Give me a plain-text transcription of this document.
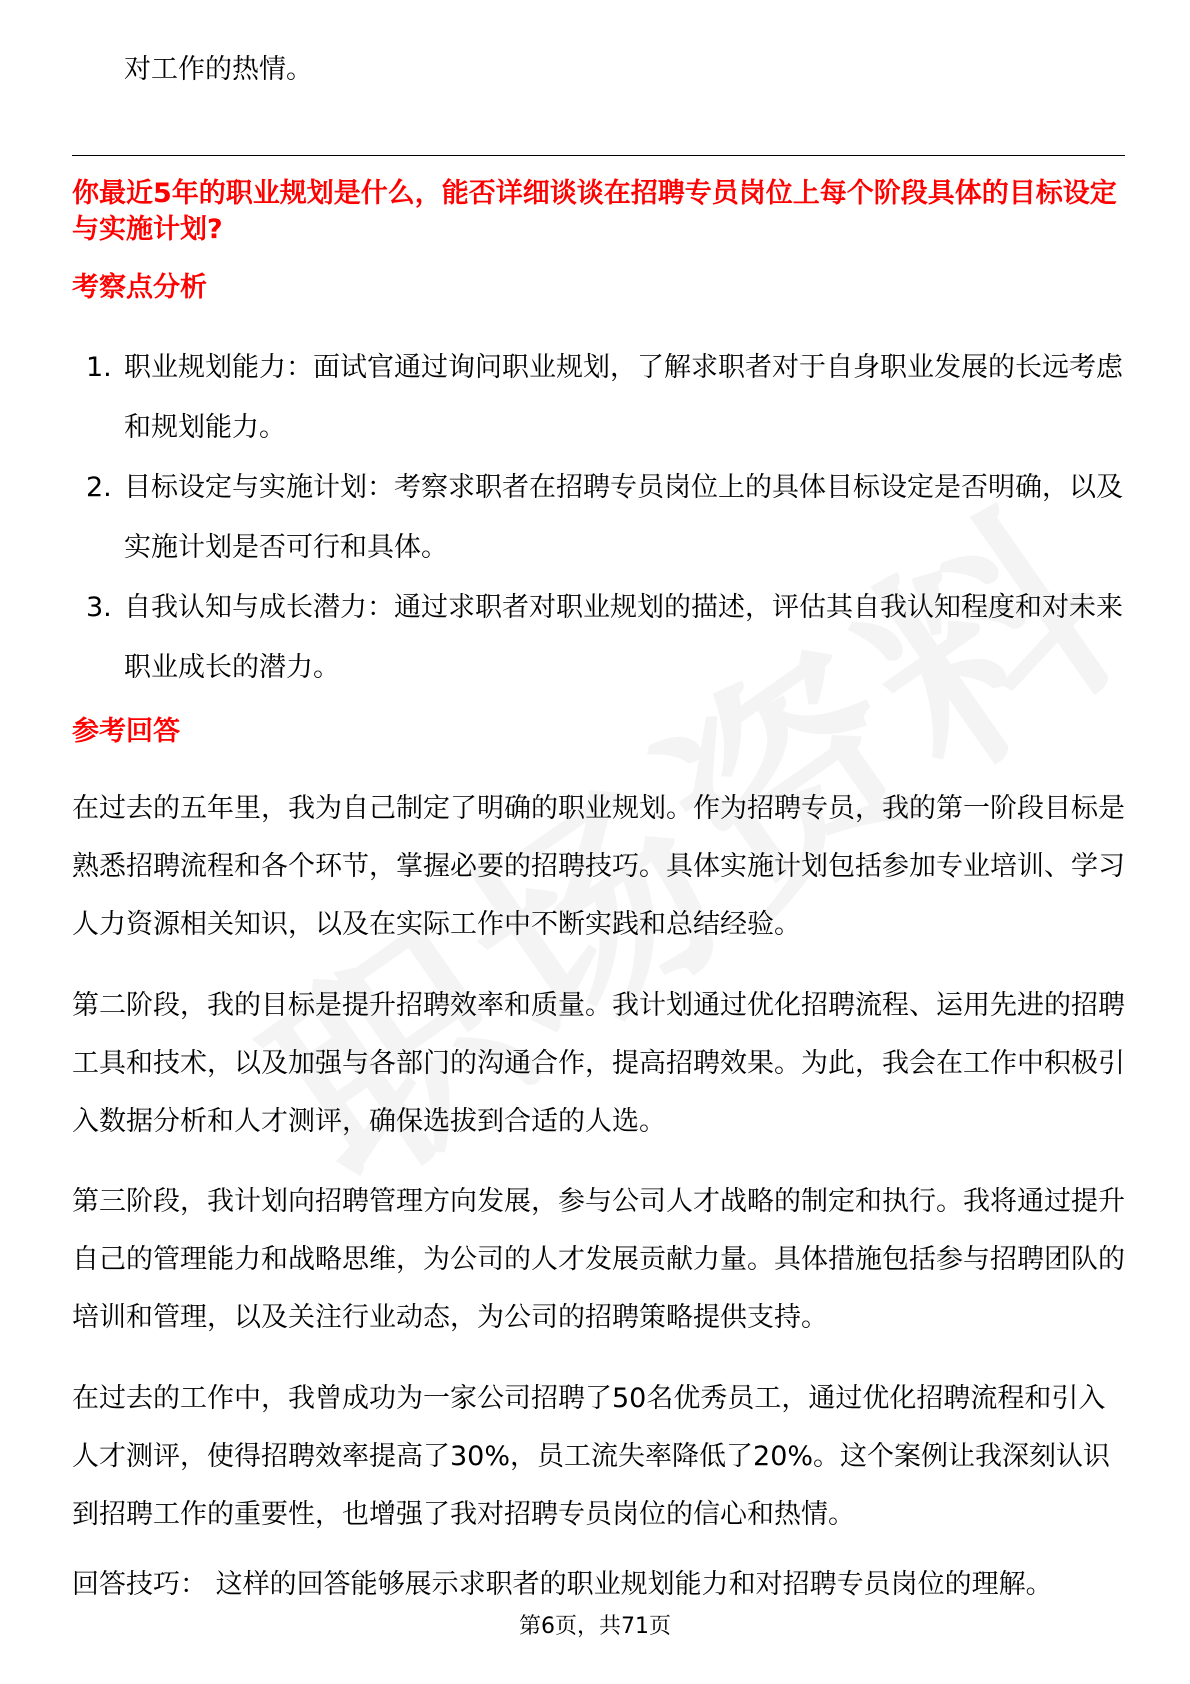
对工作的热情。
你最近5年的职业规划是什么，能否详细谈谈在招聘专员岗位上每个阶段具体的目标设定与实施计划?
考察点分析
1. 职业规划能力：面试官通过询问职业规划，了解求职者对于自身职业发展的长远考虑和规划能力。
2. 目标设定与实施计划：考察求职者在招聘专员岗位上的具体目标设定是否明确，以及实施计划是否可行和具体。
3. 自我认知与成长潜力：通过求职者对职业规划的描述，评估其自我认知程度和对未来职业成长的潜力。
参考回答
在过去的五年里，我为自己制定了明确的职业规划。作为招聘专员，我的第一阶段目标是熟悉招聘流程和各个环节，掌握必要的招聘技巧。具体实施计划包括参加专业培训、学习人力资源相关知识，以及在实际工作中不断实践和总结经验。
第二阶段，我的目标是提升招聘效率和质量。我计划通过优化招聘流程、运用先进的招聘工具和技术，以及加强与各部门的沟通合作，提高招聘效果。为此，我会在工作中积极引入数据分析和人才测评，确保选拔到合适的人选。
第三阶段，我计划向招聘管理方向发展，参与公司人才战略的制定和执行。我将通过提升自己的管理能力和战略思维，为公司的人才发展贡献力量。具体措施包括参与招聘团队的培训和管理，以及关注行业动态，为公司的招聘策略提供支持。
在过去的工作中，我曾成功为一家公司招聘了50名优秀员工，通过优化招聘流程和引入人才测评，使得招聘效率提高了30%，员工流失率降低了20%。这个案例让我深刻认识到招聘工作的重要性，也增强了我对招聘专员岗位的信心和热情。
回答技巧： 这样的回答能够展示求职者的职业规划能力和对招聘专员岗位的理解。
第6页，共71页
